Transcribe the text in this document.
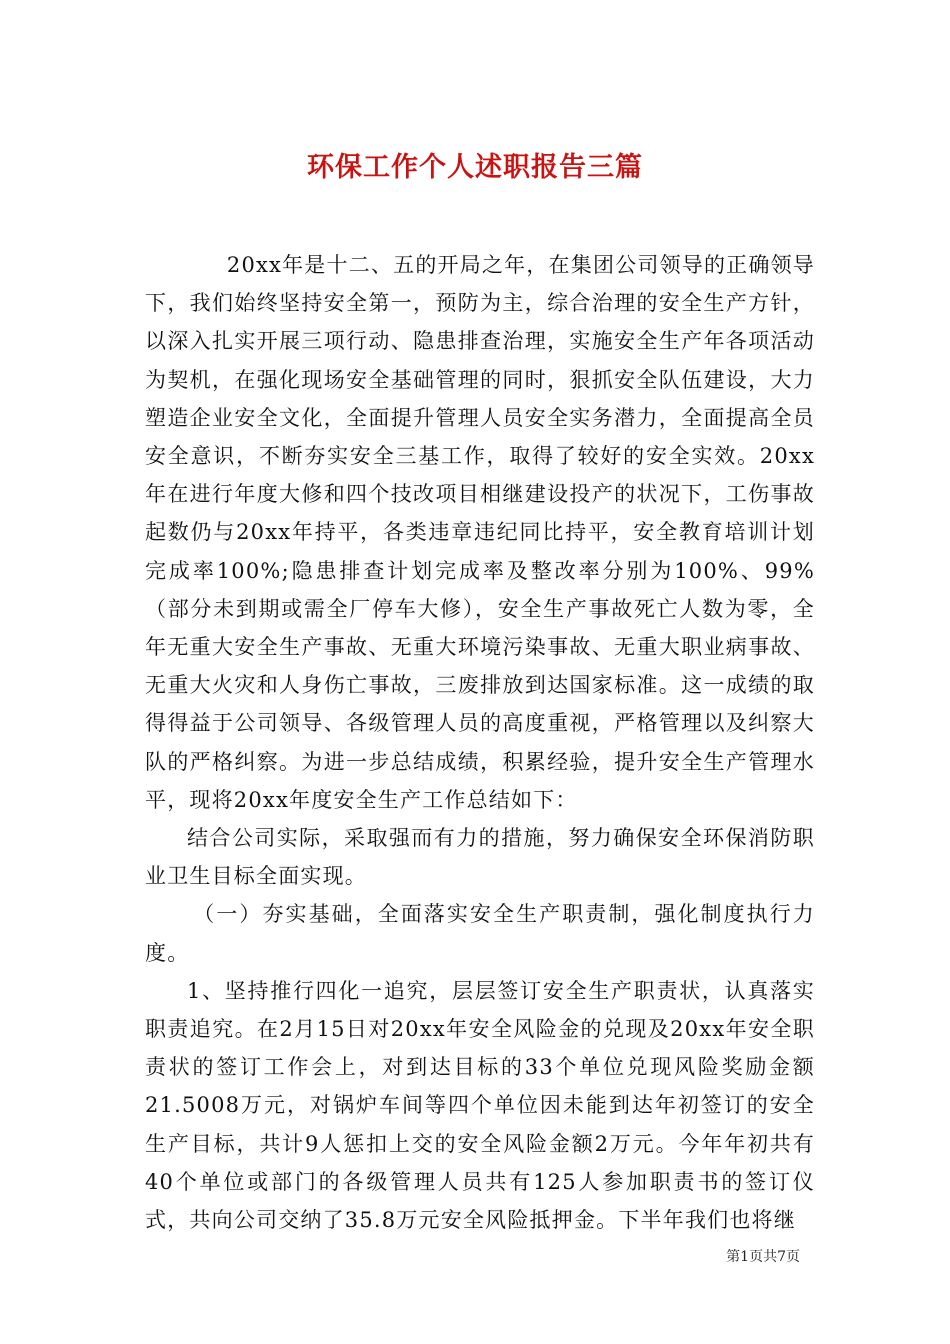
环保工作个人述职报告三篇

20xx年是十二、五的开局之年，在集团公司领导的正确领导下，我们始终坚持安全第一，预防为主，综合治理的安全生产方针，以深入扎实开展三项行动、隐患排查治理，实施安全生产年各项活动为契机，在强化现场安全基础管理的同时，狠抓安全队伍建设，大力塑造企业安全文化，全面提升管理人员安全实务潜力，全面提高全员安全意识，不断夯实安全三基工作，取得了较好的安全实效。20xx年在进行年度大修和四个技改项目相继建设投产的状况下，工伤事故起数仍与20xx年持平，各类违章违纪同比持平，安全教育培训计划完成率100%;隐患排查计划完成率及整改率分别为100%、99%（部分未到期或需全厂停车大修），安全生产事故死亡人数为零，全年无重大安全生产事故、无重大环境污染事故、无重大职业病事故、无重大火灾和人身伤亡事故，三废排放到达国家标准。这一成绩的取得得益于公司领导、各级管理人员的高度重视，严格管理以及纠察大队的严格纠察。为进一步总结成绩，积累经验，提升安全生产管理水平，现将20xx年度安全生产工作总结如下：

结合公司实际，采取强而有力的措施，努力确保安全环保消防职业卫生目标全面实现。

（一）夯实基础，全面落实安全生产职责制，强化制度执行力度。

1、坚持推行四化一追究，层层签订安全生产职责状，认真落实职责追究。在2月15日对20xx年安全风险金的兑现及20xx年安全职责状的签订工作会上，对到达目标的33个单位兑现风险奖励金额21.5008万元，对锅炉车间等四个单位因未能到达年初签订的安全生产目标，共计9人惩扣上交的安全风险金额2万元。今年年初共有40个单位或部门的各级管理人员共有125人参加职责书的签订仪式，共向公司交纳了35.8万元安全风险抵押金。下半年我们也将继

第1页共7页
